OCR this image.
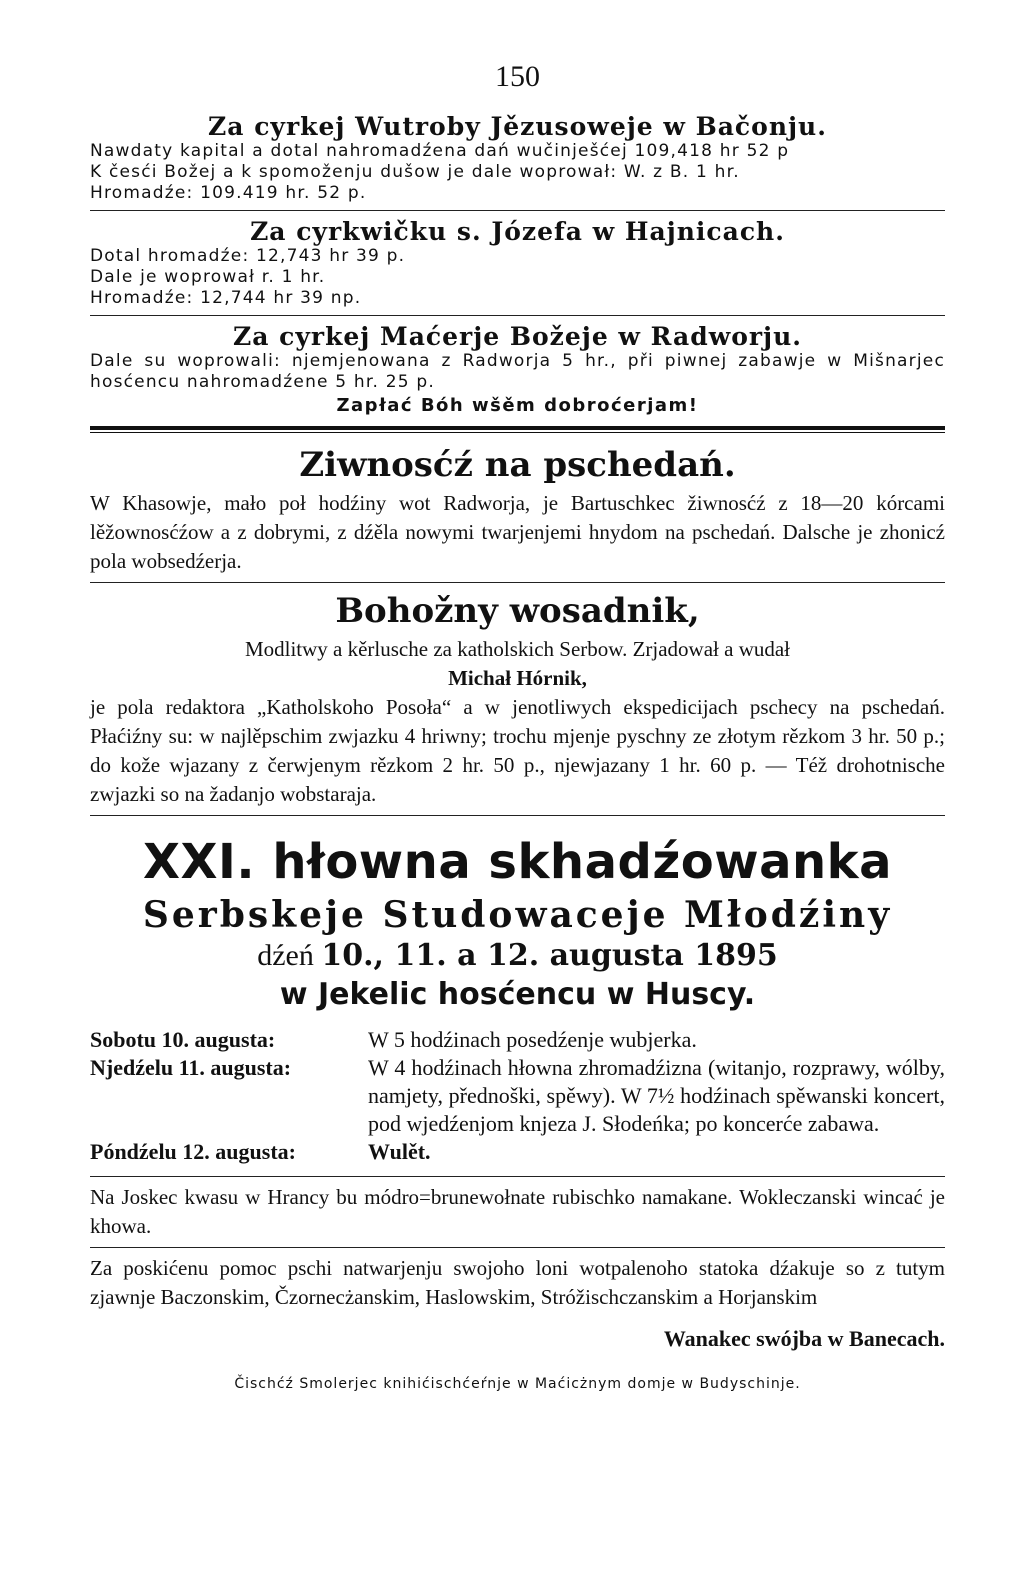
150
Za cyrkej Wutroby Jězusoweje w Bačonju.

Nawdaty kapital a dotal nahromadźena dań wučinješćej 109,418 hr 52 p

K česći Božej a k spomoženju dušow je dale woprował: W. z B. 1 hr.

Hromadźe: 109.419 hr. 52 p.

Za cyrkwičku s. Józefa w Hajnicach.

Dotal hromadźe: 12,743 hr 39 p.

Dale je woprował r. 1 hr.

Hromadźe: 12,744 hr 39 np.

Za cyrkej Maćerje Božeje w Radworju.

Dale su woprowali: njemjenowana z Radworja 5 hr., při piwnej zabawje w Mišnarjec hosćencu nahromadźene 5 hr. 25 p.

Zapłać Bóh wšěm dobroćerjam!
Ziwnosćź na pschedań.

W Khasowje, mało poł hodźiny wot Radworja, je Bartuschkec žiwnosćź z 18—20 kórcami lěžownosćźow a z dobrymi, z dźěla nowymi twarjenjemi hnydom na pschedań. Dalsche je zhonicź pola wobsedźerja.

Bohožny wosadnik,

Modlitwy a kěrlusche za katholskich Serbow. Zrjadował a wudał

Michał Hórnik,

je pola redaktora „Katholskoho Posoła“ a w jenotliwych ekspedicijach pschecy na pschedań. Płaćiźny su: w najlěpschim zwjazku 4 hriwny; trochu mjenje pyschny ze złotym rězkom 3 hr. 50 p.; do kože wjazany z čerwjenym rězkom 2 hr. 50 p., njewjazany 1 hr. 60 p. — Též drohotnische zwjazki so na žadanjo wobstaraja.

XXI. hłowna skhadźowanka
Serbskeje Studowaceje Młodźiny
dźeń 10., 11. a 12. augusta 1895
w Jekelic hosćencu w Huscy.
Sobotu 10. augusta:	W 5 hodźinach posedźenje wubjerka.
Njedźelu 11. augusta:	W 4 hodźinach hłowna zhromadźizna (witanjo, rozprawy, wólby, namjety, přednoški, spěwy). W 7½ hodźinach spěwanski koncert, pod wjedźenjom knjeza J. Słodeńka; po koncerće zabawa.
Póndźelu 12. augusta:	Wulět.

Na Joskec kwasu w Hrancy bu módro=brunewołnate rubischko namakane. Wokleczanski wincać je khowa.

Za poskićenu pomoc pschi natwarjenju swojoho loni wotpalenoho statoka dźakuje so z tutym zjawnje Baczonskim, Čzornecżanskim, Haslowskim, Stróžischczanskim a Horjanskim

Wanakec swójba w Banecach.
Čischćź Smolerjec knihićischćeŕnje w Maćicżnym domje w Budyschinje.
